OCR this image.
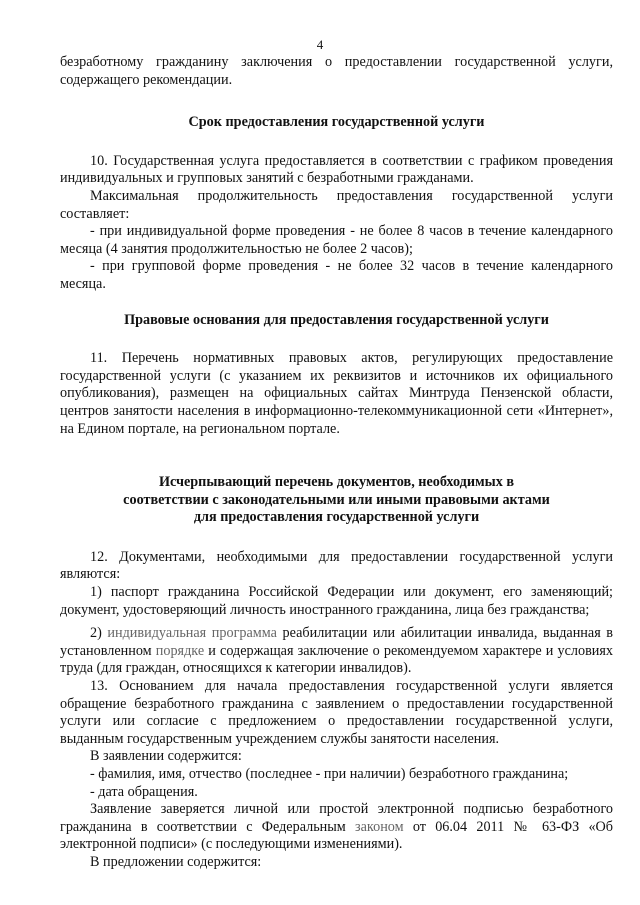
4

безработному гражданину заключения о предоставлении государственной услуги, содержащего рекомендации.

Срок предоставления государственной услуги

10. Государственная услуга предоставляется в соответствии с графиком проведения индивидуальных и групповых занятий с безработными гражданами.

Максимальная продолжительность предоставления государственной услуги составляет:

- при индивидуальной форме проведения - не более 8 часов в течение календарного месяца (4 занятия продолжительностью не более 2 часов);

- при групповой форме проведения - не более 32 часов в течение календарного месяца.

Правовые основания для предоставления государственной услуги

11. Перечень нормативных правовых актов, регулирующих предоставление государственной услуги (с указанием их реквизитов и источников их официального опубликования), размещен на официальных сайтах Минтруда Пензенской области, центров занятости населения в информационно-телекоммуникационной сети «Интернет», на Едином портале, на региональном портале.

Исчерпывающий перечень документов, необходимых в
соответствии с законодательными или иными правовыми актами
для предоставления государственной услуги

12. Документами, необходимыми для предоставлении государственной услуги являются:

1) паспорт гражданина Российской Федерации или документ, его заменяющий; документ, удостоверяющий личность иностранного гражданина, лица без гражданства;

2) индивидуальная программа реабилитации или абилитации инвалида, выданная в установленном порядке и содержащая заключение о рекомендуемом характере и условиях труда (для граждан, относящихся к категории инвалидов).

13. Основанием для начала предоставления государственной услуги является обращение безработного гражданина с заявлением о предоставлении государственной услуги или согласие с предложением о предоставлении государственной услуги, выданным государственным учреждением службы занятости населения.

В заявлении содержится:

- фамилия, имя, отчество (последнее - при наличии) безработного гражданина;

- дата обращения.

Заявление заверяется личной или простой электронной подписью безработного гражданина в соответствии с Федеральным законом от 06.04 2011 № 63-ФЗ «Об электронной подписи» (с последующими изменениями).

В предложении содержится:
